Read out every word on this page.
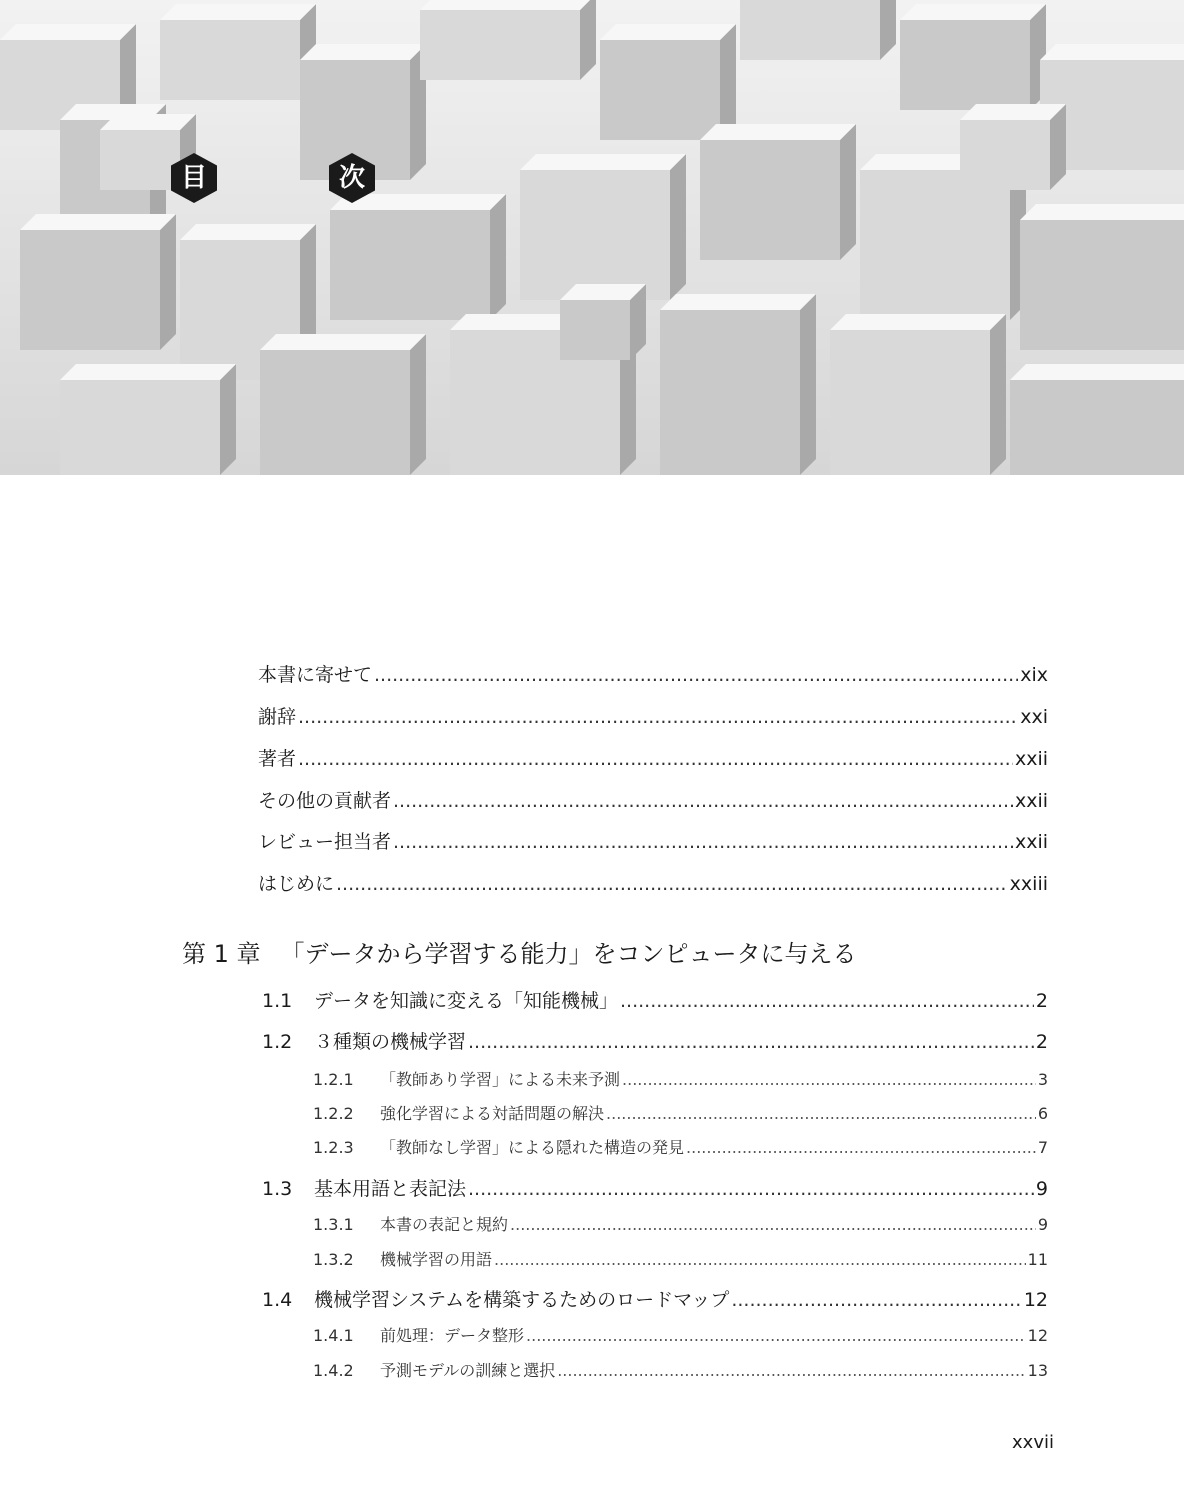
目	次
本書に寄せて .....	xix
謝辞 .....	xxi
著者 .....	xxii
その他の貢献者 .....	xxii
レビュー担当者 .....	xxii
はじめに .....	xxiii
第 1 章 「データから学習する能力」をコンピュータに与える
1.1	データを知識に変える「知能機械」 .....	2
1.2	３種類の機械学習 .....	2
1.2.1	「教師あり学習」による未来予測 .....	3
1.2.2	強化学習による対話問題の解決 .....	6
1.2.3	「教師なし学習」による隠れた構造の発見 .....	7
1.3	基本用語と表記法 .....	9
1.3.1	本書の表記と規約 .....	9
1.3.2	機械学習の用語 .....	11
1.4	機械学習システムを構築するためのロードマップ .....	12
1.4.1	前処理：データ整形 .....	12
1.4.2	予測モデルの訓練と選択 .....	13
xxvii
